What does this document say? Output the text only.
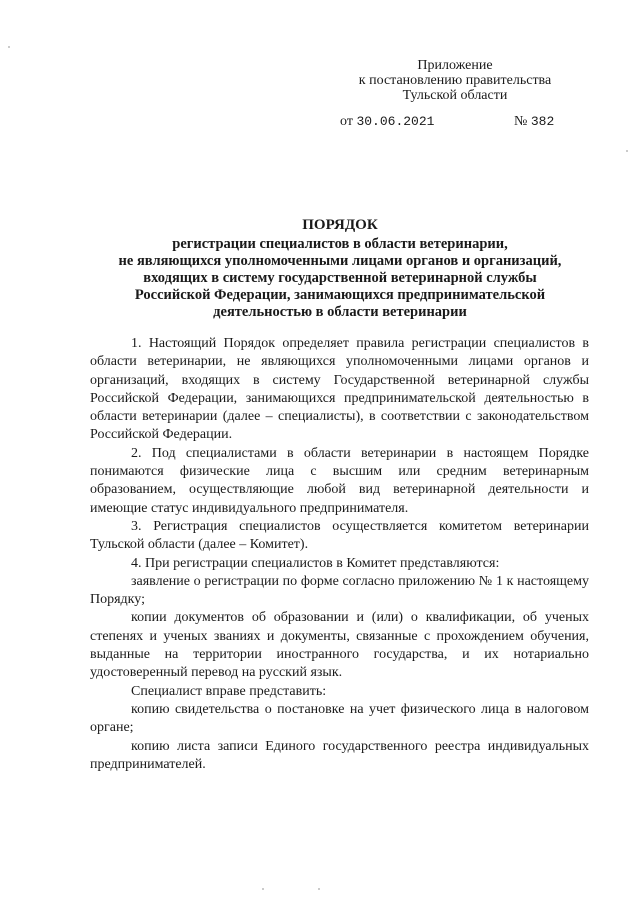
Приложение
к постановлению правительства
Тульской области
от 30.06.2021	№ 382
ПОРЯДОК
регистрации специалистов в области ветеринарии,
не являющихся уполномоченными лицами органов и организаций,
входящих в систему государственной ветеринарной службы
Российской Федерации, занимающихся предпринимательской
деятельностью в области ветеринарии

1. Настоящий Порядок определяет правила регистрации специалистов в области ветеринарии, не являющихся уполномоченными лицами органов и организаций, входящих в систему Государственной ветеринарной службы Российской Федерации, занимающихся предпринимательской деятельностью в области ветеринарии (далее – специалисты), в соответствии с законодательством Российской Федерации.

2. Под специалистами в области ветеринарии в настоящем Порядке понимаются физические лица с высшим или средним ветеринарным образованием, осуществляющие любой вид ветеринарной деятельности и имеющие статус индивидуального предпринимателя.

3. Регистрация специалистов осуществляется комитетом ветеринарии Тульской области (далее – Комитет).

4. При регистрации специалистов в Комитет представляются:

заявление о регистрации по форме согласно приложению № 1 к настоящему Порядку;

копии документов об образовании и (или) о квалификации, об ученых степенях и ученых званиях и документы, связанные с прохождением обучения, выданные на территории иностранного государства, и их нотариально удостоверенный перевод на русский язык.

Специалист вправе представить:

копию свидетельства о постановке на учет физического лица в налоговом органе;

копию листа записи Единого государственного реестра индивидуальных предпринимателей.
